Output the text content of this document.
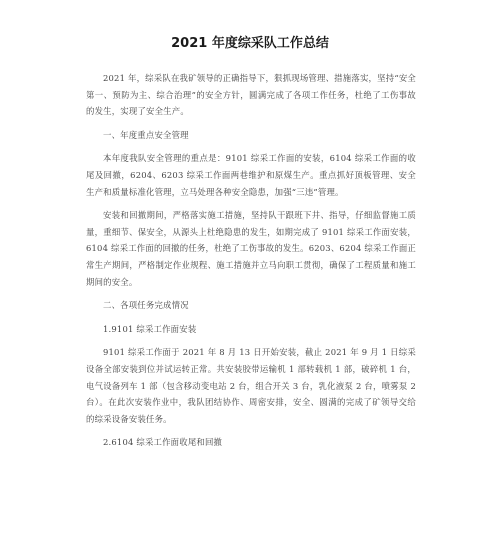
2021 年度综采队工作总结

2021 年，综采队在我矿领导的正确指导下，狠抓现场管理、措施落实，坚持“安全第一、预防为主、综合治理”的安全方针，圆满完成了各项工作任务，杜绝了工伤事故的发生，实现了安全生产。

一、年度重点安全管理

本年度我队安全管理的重点是：9101 综采工作面的安装，6104 综采工作面的收尾及回撤，6204、6203 综采工作面两巷维护和原煤生产。重点抓好顶板管理、安全生产和质量标准化管理，立马处理各种安全隐患，加强“三违”管理。

安装和回撤期间，严格落实施工措施，坚持队干跟班下井、指导，仔细监督施工质量，重细节、保安全，从源头上杜绝隐患的发生，如期完成了 9101 综采工作面安装，6104 综采工作面的回撤的任务，杜绝了工伤事故的发生。6203、6204 综采工作面正常生产期间，严格制定作业规程、施工措施并立马向职工贯彻，确保了工程质量和施工期间的安全。

二、各项任务完成情况

1.9101 综采工作面安装

9101 综采工作面于 2021 年 8 月 13 日开始安装，截止 2021 年 9 月 1 日综采设备全部安装到位并试运转正常。共安装胶带运输机 1 部转载机 1 部，破碎机 1 台，电气设备列车 1 部（包含移动变电站 2 台，组合开关 3 台，乳化液泵 2 台，喷雾泵 2 台）。在此次安装作业中，我队团结协作、周密安排，安全、圆满的完成了矿领导交给的综采设备安装任务。

2.6104 综采工作面收尾和回撤
